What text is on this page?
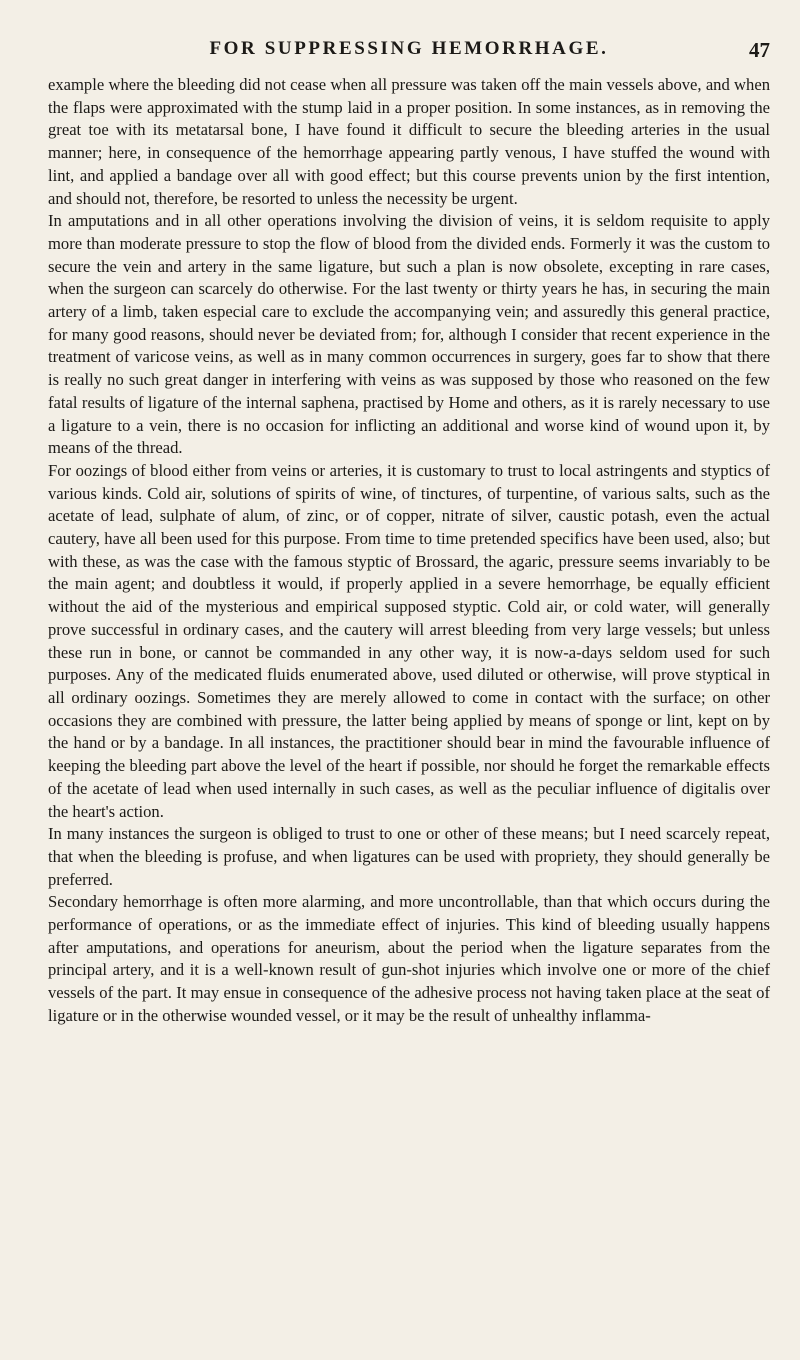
FOR SUPPRESSING HEMORRHAGE.	47

example where the bleeding did not cease when all pressure was taken off the main vessels above, and when the flaps were approximated with the stump laid in a proper position. In some instances, as in removing the great toe with its metatarsal bone, I have found it difficult to secure the bleeding arteries in the usual manner; here, in consequence of the hemorrhage appearing partly venous, I have stuffed the wound with lint, and applied a bandage over all with good effect; but this course prevents union by the first intention, and should not, therefore, be resorted to unless the necessity be urgent.

In amputations and in all other operations involving the division of veins, it is seldom requisite to apply more than moderate pressure to stop the flow of blood from the divided ends. Formerly it was the custom to secure the vein and artery in the same ligature, but such a plan is now obsolete, excepting in rare cases, when the surgeon can scarcely do otherwise. For the last twenty or thirty years he has, in securing the main artery of a limb, taken especial care to exclude the accompanying vein; and assuredly this general practice, for many good reasons, should never be deviated from; for, although I consider that recent experience in the treatment of varicose veins, as well as in many common occurrences in surgery, goes far to show that there is really no such great danger in interfering with veins as was supposed by those who reasoned on the few fatal results of ligature of the internal saphena, practised by Home and others, as it is rarely necessary to use a ligature to a vein, there is no occasion for inflicting an additional and worse kind of wound upon it, by means of the thread.

For oozings of blood either from veins or arteries, it is customary to trust to local astringents and styptics of various kinds. Cold air, solutions of spirits of wine, of tinctures, of turpentine, of various salts, such as the acetate of lead, sulphate of alum, of zinc, or of copper, nitrate of silver, caustic potash, even the actual cautery, have all been used for this purpose. From time to time pretended specifics have been used, also; but with these, as was the case with the famous styptic of Brossard, the agaric, pressure seems invariably to be the main agent; and doubtless it would, if properly applied in a severe hemorrhage, be equally efficient without the aid of the mysterious and empirical supposed styptic. Cold air, or cold water, will generally prove successful in ordinary cases, and the cautery will arrest bleeding from very large vessels; but unless these run in bone, or cannot be commanded in any other way, it is now-a-days seldom used for such purposes. Any of the medicated fluids enumerated above, used diluted or otherwise, will prove styptical in all ordinary oozings. Sometimes they are merely allowed to come in contact with the surface; on other occasions they are combined with pressure, the latter being applied by means of sponge or lint, kept on by the hand or by a bandage. In all instances, the practitioner should bear in mind the favourable influence of keeping the bleeding part above the level of the heart if possible, nor should he forget the remarkable effects of the acetate of lead when used internally in such cases, as well as the peculiar influence of digitalis over the heart's action.

In many instances the surgeon is obliged to trust to one or other of these means; but I need scarcely repeat, that when the bleeding is profuse, and when ligatures can be used with propriety, they should generally be preferred.

Secondary hemorrhage is often more alarming, and more uncontrollable, than that which occurs during the performance of operations, or as the immediate effect of injuries. This kind of bleeding usually happens after amputations, and operations for aneurism, about the period when the ligature separates from the principal artery, and it is a well-known result of gun-shot injuries which involve one or more of the chief vessels of the part. It may ensue in consequence of the adhesive process not having taken place at the seat of ligature or in the otherwise wounded vessel, or it may be the result of unhealthy inflamma-
